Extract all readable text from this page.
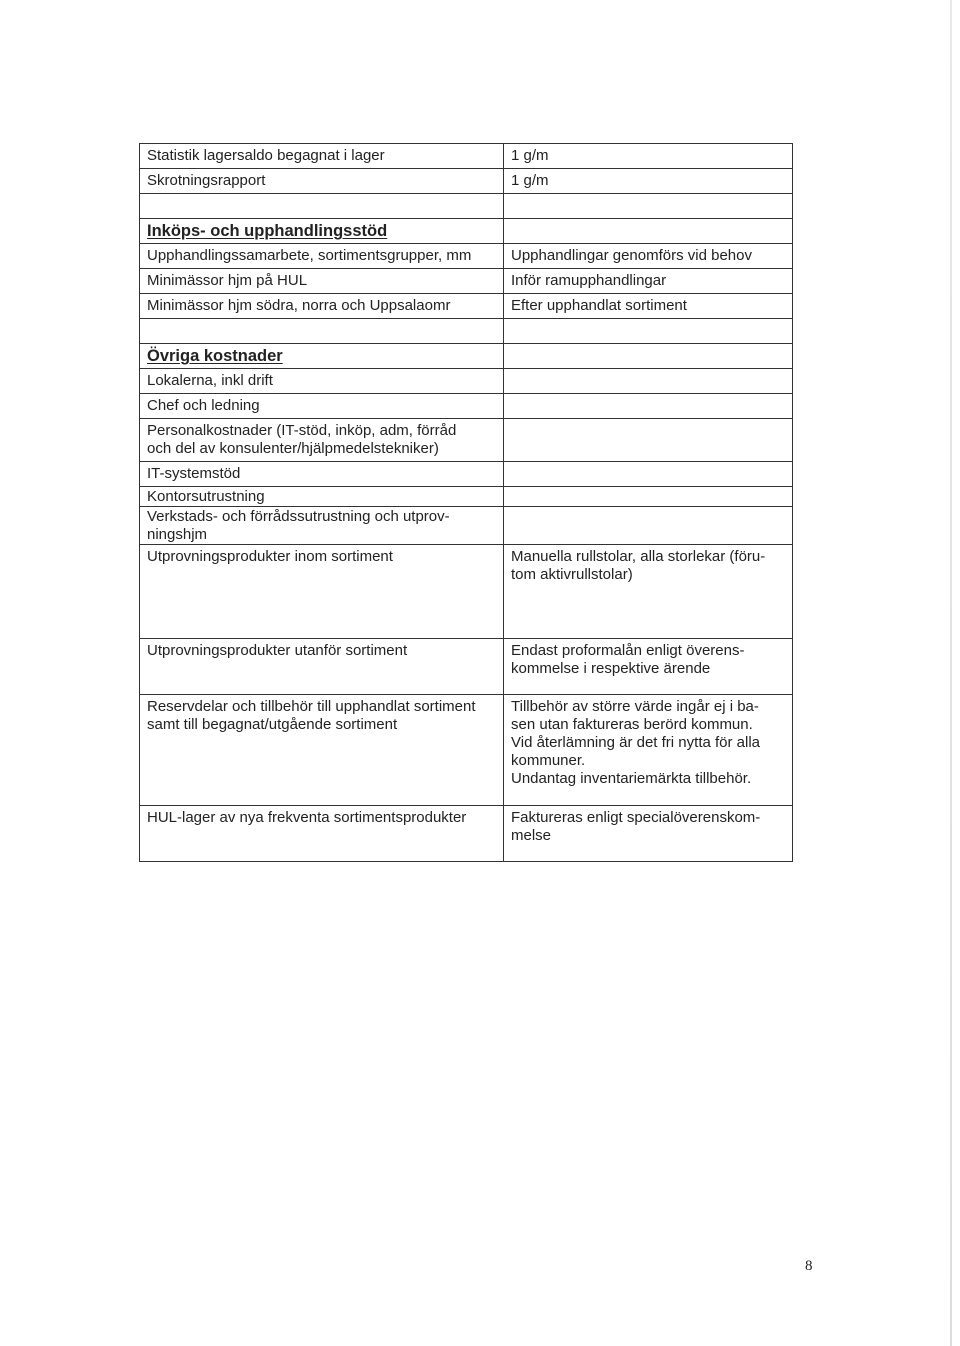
Statistik lagersaldo begagnat i lager	1 g/m
Skrotningsrapport	1 g/m

Inköps- och upphandlingsstöd	
Upphandlingssamarbete, sortimentsgrupper, mm	Upphandlingar genomförs vid behov
Minimässor hjm på HUL	Inför ramupphandlingar
Minimässor hjm södra, norra och Uppsalaomr	Efter upphandlat sortiment

Övriga kostnader	
Lokalerna, inkl drift	
Chef och ledning	

Personalkostnader (IT-stöd, inköp, adm, förråd
och del av konsulenter/hjälpmedelstekniker)	

IT-systemstöd	
Kontorsutrustning	

Verkstads- och förrådssutrustning och utprov-
ningshjm	

Utprovningsprodukter inom sortiment	Manuella rullstolar, alla storlekar (föru-
tom aktivrullstolar)

Utprovningsprodukter utanför sortiment	Endast proformalån enligt överens-
kommelse i respektive ärende

Reservdelar och tillbehör till upphandlat sortiment
samt till begagnat/utgående sortiment	Tillbehör av större värde ingår ej i ba-
sen utan faktureras berörd kommun.
Vid återlämning är det fri nytta för alla
kommuner.
Undantag inventariemärkta tillbehör.

HUL-lager av nya frekventa sortimentsprodukter	Faktureras enligt specialöverenskom-
melse
8
